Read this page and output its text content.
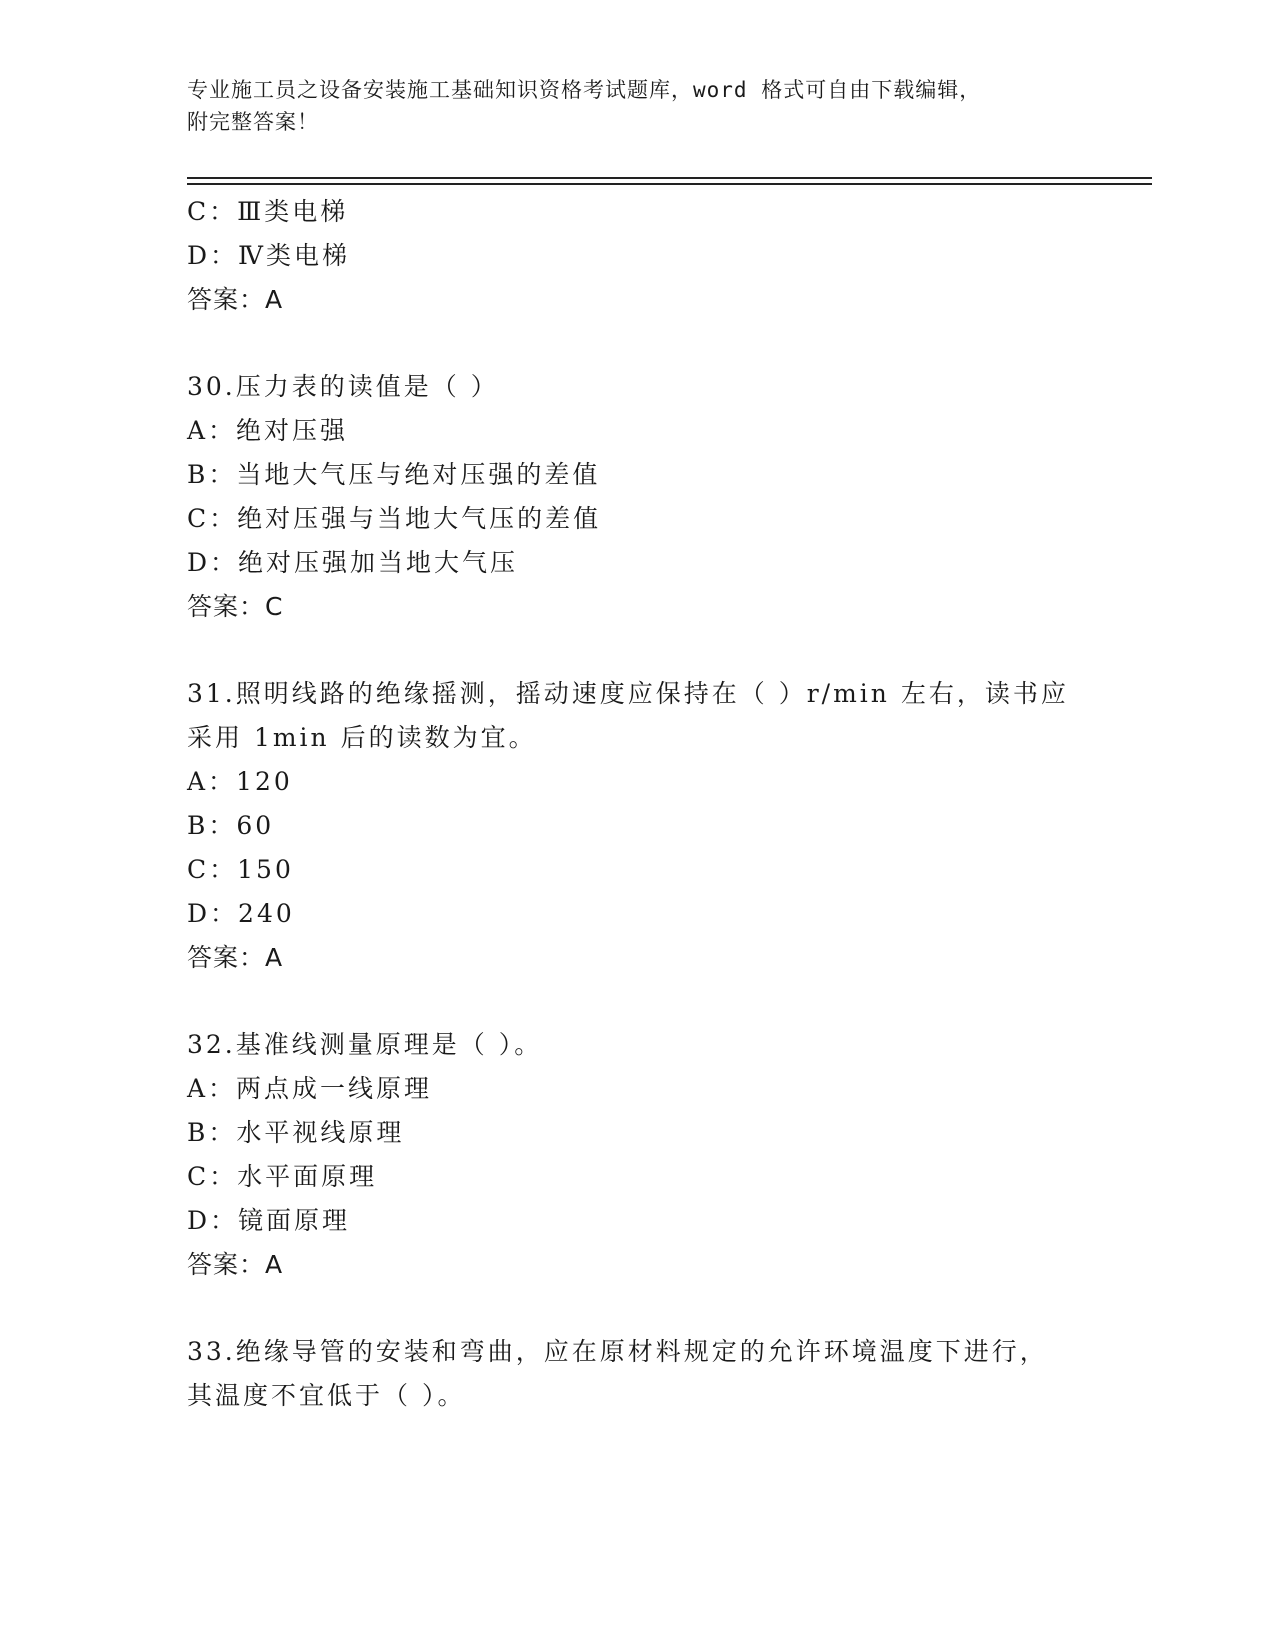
专业施工员之设备安装施工基础知识资格考试题库，word 格式可自由下载编辑，
附完整答案！
C：Ⅲ类电梯
D：Ⅳ类电梯
答案：A
30.压力表的读值是（ ）
A：绝对压强
B：当地大气压与绝对压强的差值
C：绝对压强与当地大气压的差值
D：绝对压强加当地大气压
答案：C
31.照明线路的绝缘摇测，摇动速度应保持在（ ）r/min 左右，读书应
采用 1min 后的读数为宜。
A：120
B：60
C：150
D：240
答案：A
32.基准线测量原理是（ ）。
A：两点成一线原理
B：水平视线原理
C：水平面原理
D：镜面原理
答案：A
33.绝缘导管的安装和弯曲，应在原材料规定的允许环境温度下进行，
其温度不宜低于（ ）。
